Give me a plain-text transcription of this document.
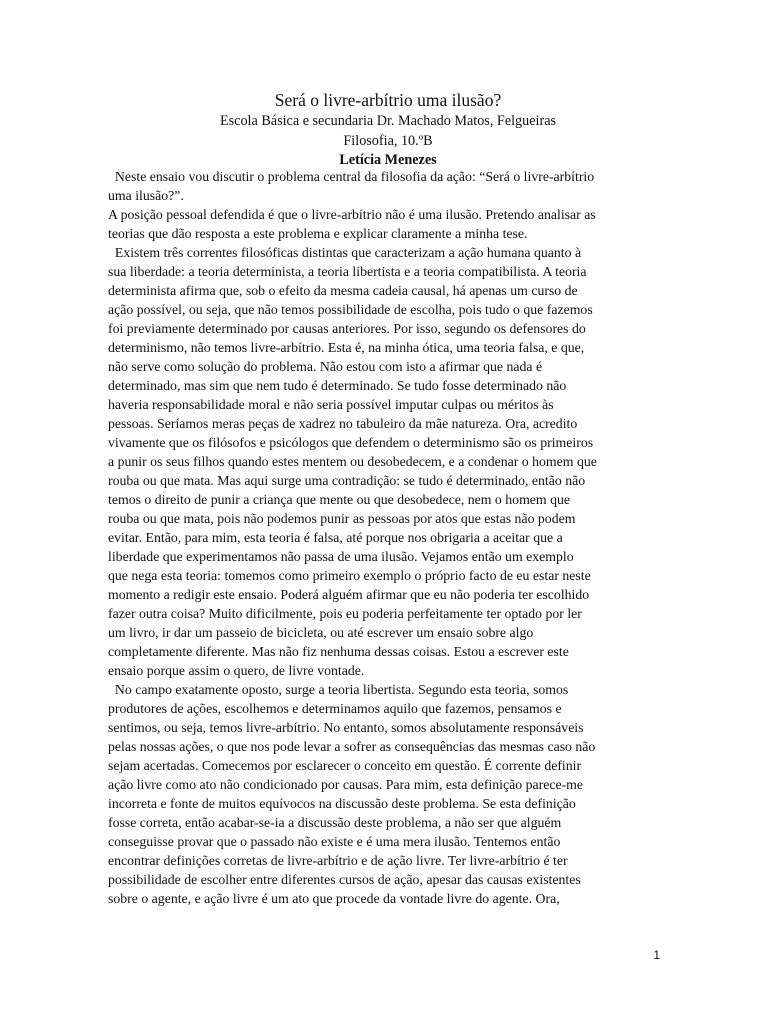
Será o livre-arbítrio uma ilusão?
Escola Básica e secundaria Dr. Machado Matos, Felgueiras
Filosofia, 10.ºB
Letícia Menezes
Neste ensaio vou discutir o problema central da filosofia da ação: “Será o livre-arbítrio
uma ilusão?”.
A posição pessoal defendida é que o livre-arbítrio não é uma ilusão. Pretendo analisar as
teorias que dão resposta a este problema e explicar claramente a minha tese.
Existem três correntes filosóficas distintas que caracterizam a ação humana quanto à
sua liberdade: a teoria determinista, a teoria libertista e a teoria compatibilista. A teoria
determinista afirma que, sob o efeito da mesma cadeia causal, há apenas um curso de
ação possível, ou seja, que não temos possibilidade de escolha, pois tudo o que fazemos
foi previamente determinado por causas anteriores. Por isso, segundo os defensores do
determinismo, não temos livre-arbítrio. Esta é, na minha ótica, uma teoria falsa, e que,
não serve como solução do problema. Não estou com isto a afirmar que nada é
determinado, mas sim que nem tudo é determinado. Se tudo fosse determinado não
haveria responsabilidade moral e não seria possível imputar culpas ou méritos às
pessoas. Seríamos meras peças de xadrez no tabuleiro da mãe natureza. Ora, acredito
vivamente que os filósofos e psicólogos que defendem o determinismo são os primeiros
a punir os seus filhos quando estes mentem ou desobedecem, e a condenar o homem que
rouba ou que mata. Mas aqui surge uma contradição: se tudo é determinado, então não
temos o direito de punir a criança que mente ou que desobedece, nem o homem que
rouba ou que mata, pois não podemos punir as pessoas por atos que estas não podem
evitar. Então, para mim, esta teoria é falsa, até porque nos obrigaria a aceitar que a
liberdade que experimentamos não passa de uma ilusão. Vejamos então um exemplo
que nega esta teoria: tomemos como primeiro exemplo o próprio facto de eu estar neste
momento a redigir este ensaio. Poderá alguém afirmar que eu não poderia ter escolhido
fazer outra coisa? Muito dificilmente, pois eu poderia perfeitamente ter optado por ler
um livro, ir dar um passeio de bicicleta, ou até escrever um ensaio sobre algo
completamente diferente. Mas não fiz nenhuma dessas coisas. Estou a escrever este
ensaio porque assim o quero, de livre vontade.
No campo exatamente oposto, surge a teoria libertista. Segundo esta teoria, somos
produtores de ações, escolhemos e determinamos aquilo que fazemos, pensamos e
sentimos, ou seja, temos livre-arbítrio. No entanto, somos absolutamente responsáveis
pelas nossas ações, o que nos pode levar a sofrer as consequências das mesmas caso não
sejam acertadas. Comecemos por esclarecer o conceito em questão. É corrente definir
ação livre como ato não condicionado por causas. Para mim, esta definição parece-me
incorreta e fonte de muitos equívocos na discussão deste problema. Se esta definição
fosse correta, então acabar-se-ia a discussão deste problema, a não ser que alguém
conseguisse provar que o passado não existe e é uma mera ilusão. Tentemos então
encontrar definições corretas de livre-arbítrio e de ação livre. Ter livre-arbítrio é ter
possibilidade de escolher entre diferentes cursos de ação, apesar das causas existentes
sobre o agente, e ação livre é um ato que procede da vontade livre do agente. Ora,
1
